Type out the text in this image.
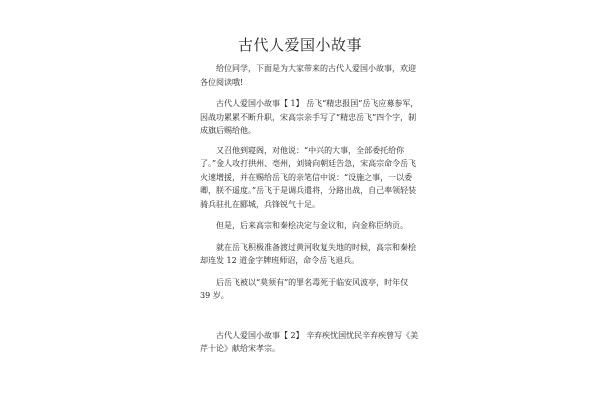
古代人爱国小故事

给位同学，下面是为大家带来的古代人爱国小故事，欢迎各位阅读哦!

古代人爱国小故事【 1】 岳飞“精忠报国”岳飞应募参军，因战功累累不断升职，宋高宗亲手写了“精忠岳飞”四个字，制成旗后赐给他。

又召他到寝阁，对他说：“中兴的大事，全部委托给你了。”金人攻打拱州、亳州，刘锜向朝廷告急，宋高宗命令岳飞火速增援，并在赐给岳飞的亲笔信中说：“设施之事，一以委卿，朕不遥度。”岳飞于是调兵遣将，分路出战，自己率领轻装骑兵驻扎在郾城，兵锋锐气十足。

但是，后来高宗和秦桧决定与金议和，向金称臣纳贡。

就在岳飞积极准备渡过黄河收复失地的时候，高宗和秦桧却连发 12 道金字牌班师诏，命令岳飞退兵。

后岳飞被以“莫须有”的罪名毒死于临安风波亭，时年仅 39 岁。

古代人爱国小故事【 2】 辛弃疾忧国忧民辛弃疾曾写《美芹十论》献给宋孝宗。
